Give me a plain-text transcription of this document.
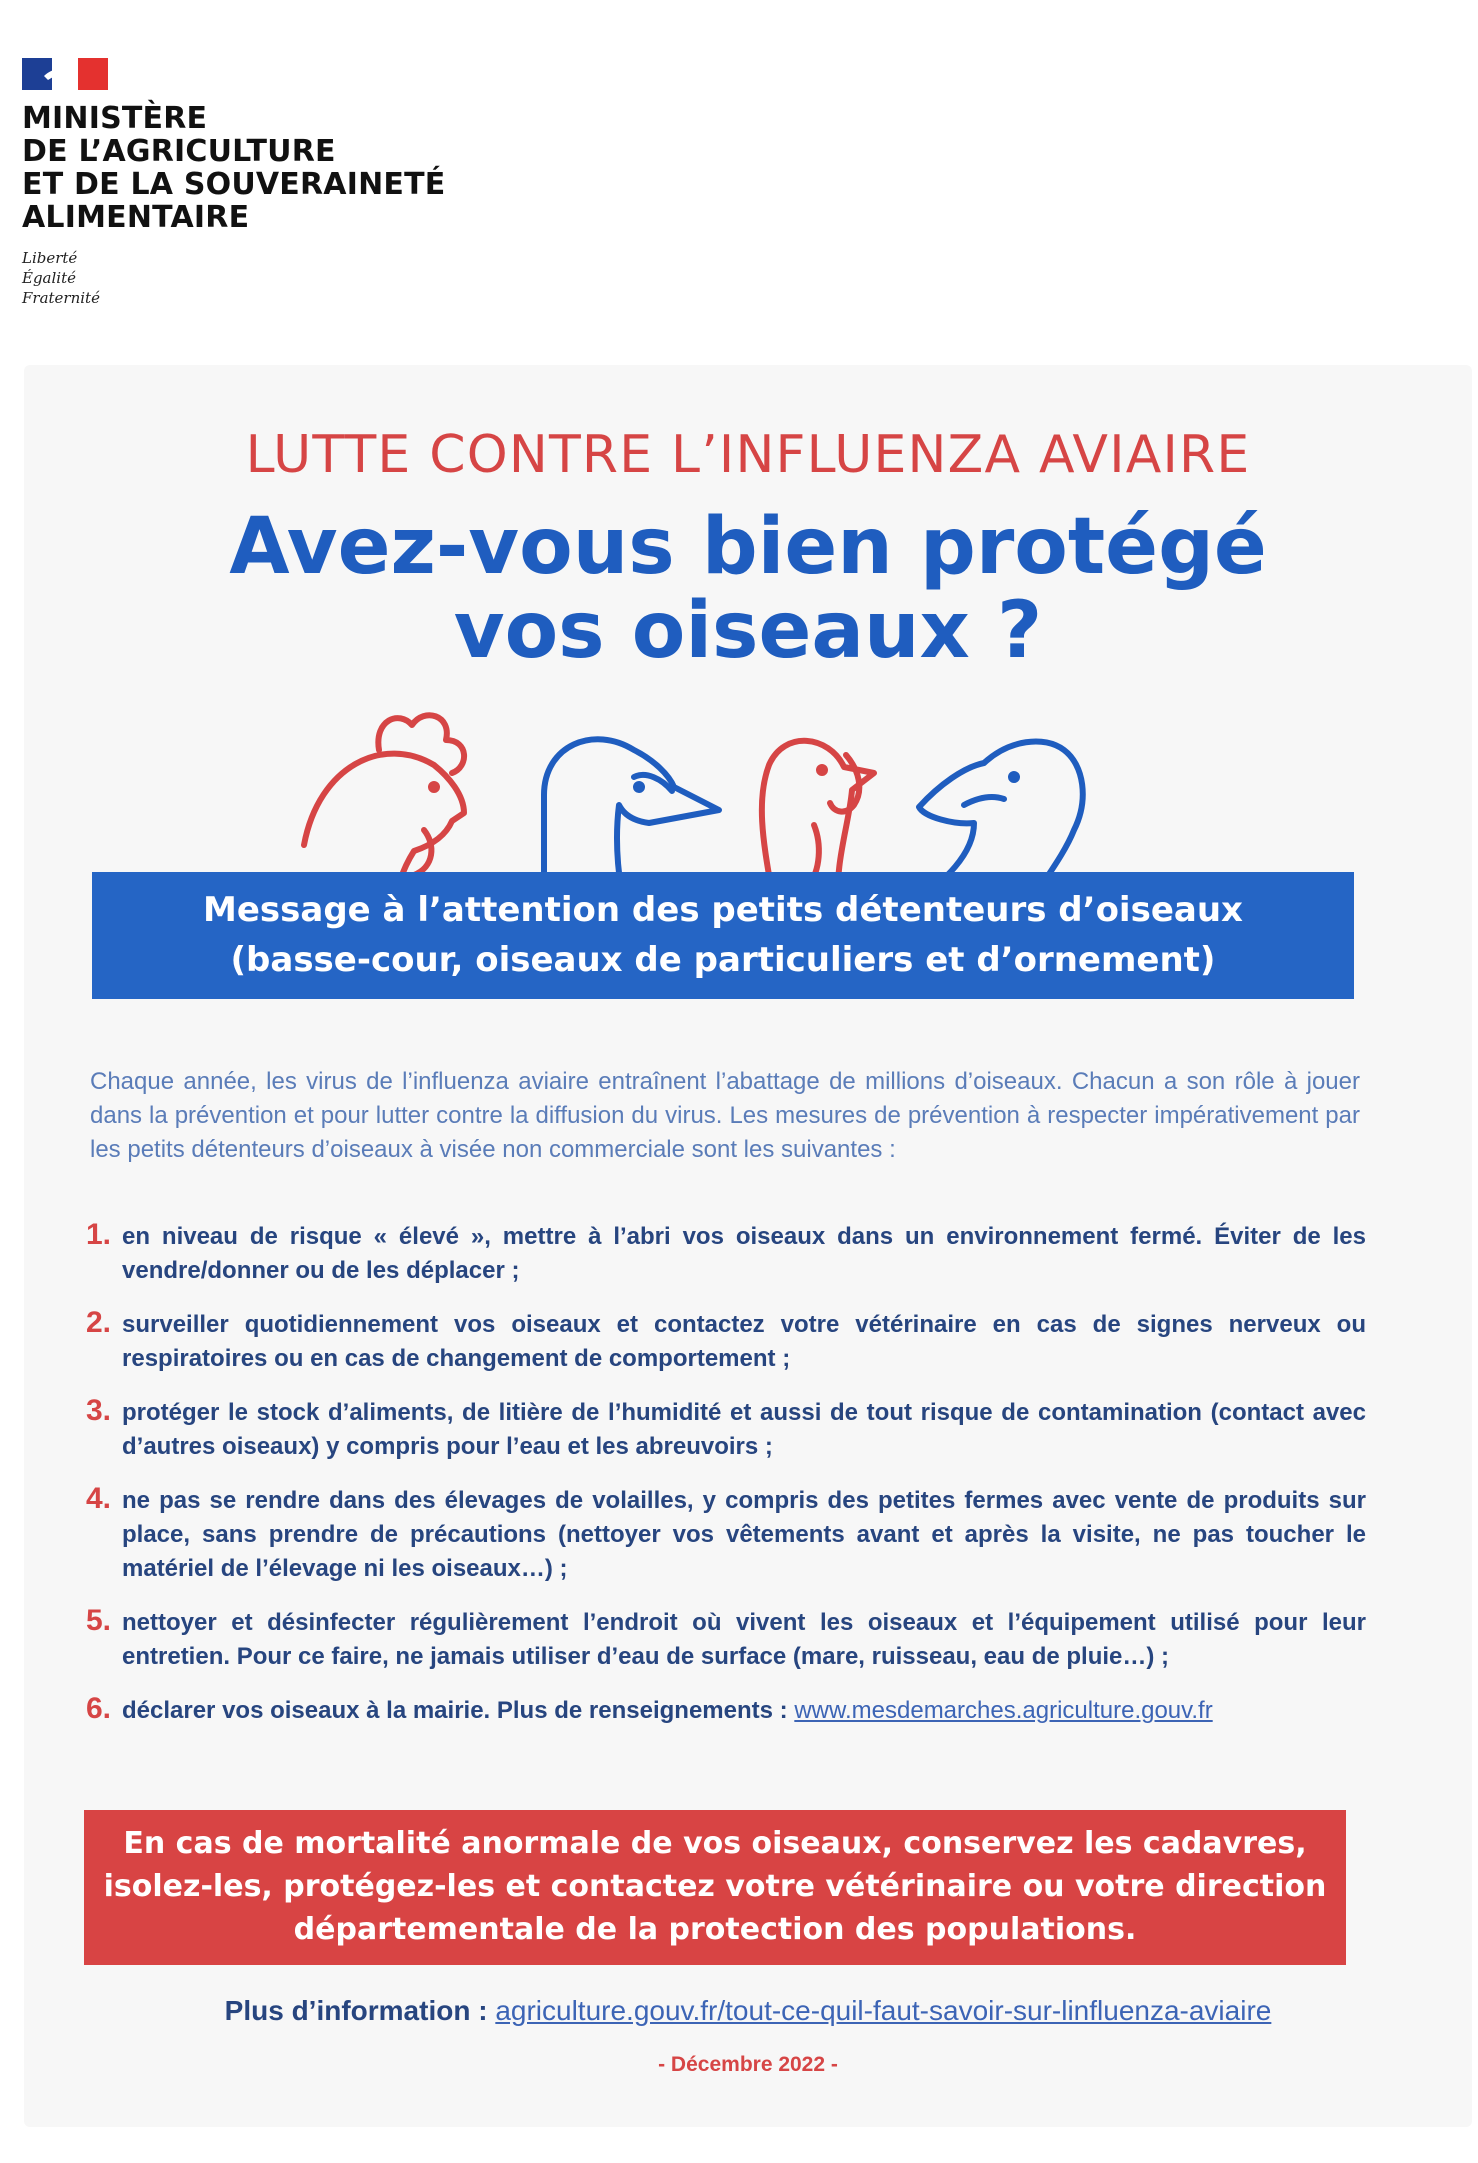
MINISTÈRE
DE L’AGRICULTURE
ET DE LA SOUVERAINETÉ
ALIMENTAIRE
Liberté
Égalité
Fraternité
LUTTE CONTRE L’INFLUENZA AVIAIRE
Avez-vous bien protégé
vos oiseaux ?
Message à l’attention des petits détenteurs d’oiseaux
(basse-cour, oiseaux de particuliers et d’ornement)
Chaque année, les virus de l’influenza aviaire entraînent l’abattage de millions d’oiseaux. Chacun a son rôle à jouer dans la prévention et pour lutter contre la diffusion du virus. Les mesures de prévention à respecter impérativement par les petits détenteurs d’oiseaux à visée non commerciale sont les suivantes :
1. en niveau de risque « élevé », mettre à l’abri vos oiseaux dans un environnement fermé. Éviter de les vendre/donner ou de les déplacer ;
2. surveiller quotidiennement vos oiseaux et contactez votre vétérinaire en cas de signes nerveux ou respiratoires ou en cas de changement de comportement ;
3. protéger le stock d’aliments, de litière de l’humidité et aussi de tout risque de contamination (contact avec d’autres oiseaux) y compris pour l’eau et les abreuvoirs ;
4. ne pas se rendre dans des élevages de volailles, y compris des petites fermes avec vente de produits sur place, sans prendre de précautions (nettoyer vos vêtements avant et après la visite, ne pas toucher le matériel de l’élevage ni les oiseaux…) ;
5. nettoyer et désinfecter régulièrement l’endroit où vivent les oiseaux et l’équipement utilisé pour leur entretien. Pour ce faire, ne jamais utiliser d’eau de surface (mare, ruisseau, eau de pluie…) ;
6. déclarer vos oiseaux à la mairie. Plus de renseignements : www.mesdemarches.agriculture.gouv.fr
En cas de mortalité anormale de vos oiseaux, conservez les cadavres,
isolez-les, protégez-les et contactez votre vétérinaire ou votre direction
départementale de la protection des populations.
Plus d’information : agriculture.gouv.fr/tout-ce-quil-faut-savoir-sur-linfluenza-aviaire
- Décembre 2022 -
